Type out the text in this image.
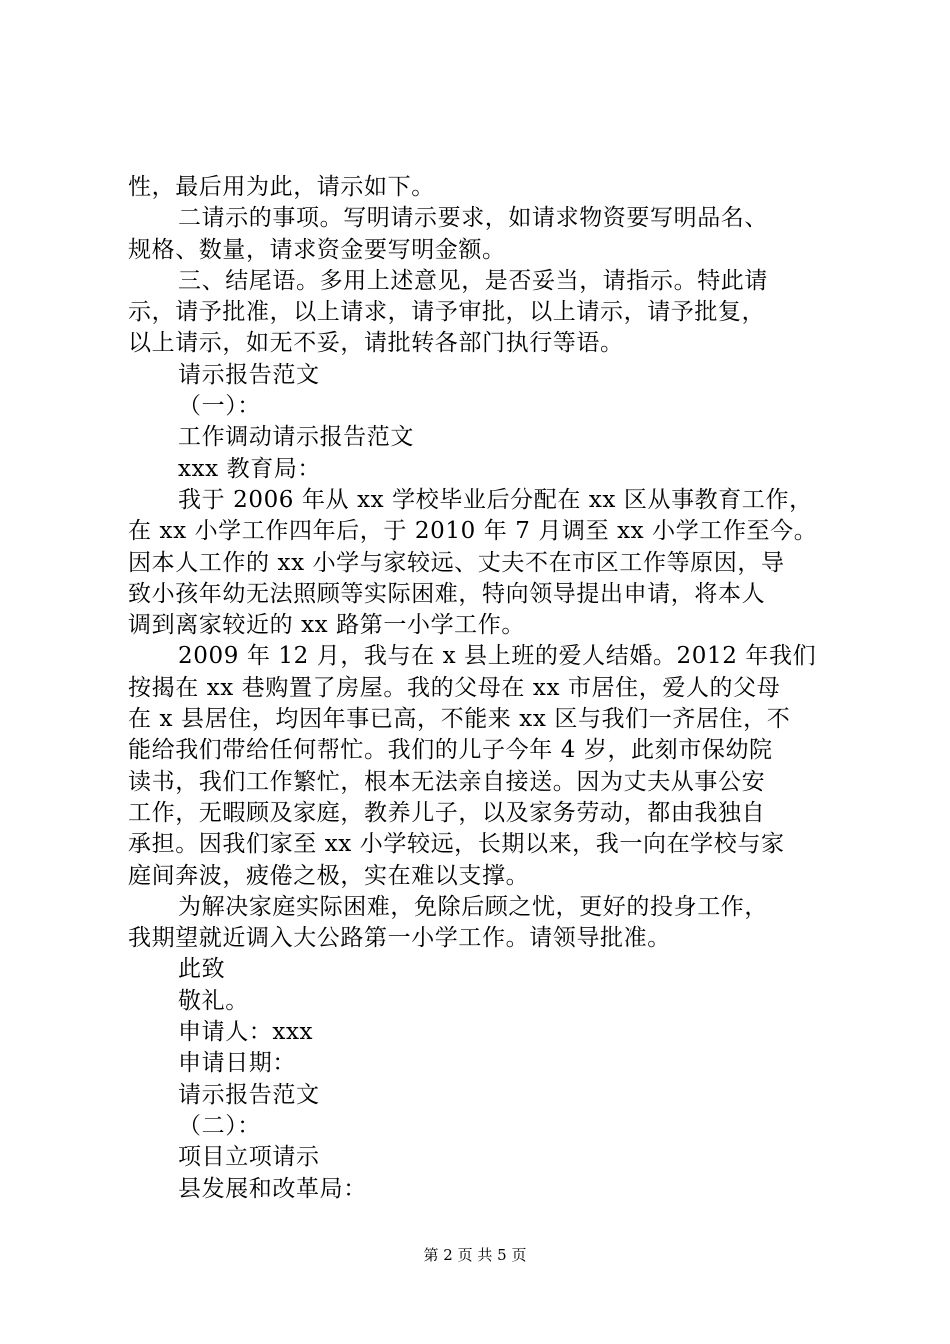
性，最后用为此，请示如下。
二请示的事项。写明请示要求，如请求物资要写明品名、
规格、数量，请求资金要写明金额。
三、结尾语。多用上述意见，是否妥当，请指示。特此请
示，请予批准，以上请求，请予审批，以上请示，请予批复，
以上请示，如无不妥，请批转各部门执行等语。
请示报告范文
（一）：
工作调动请示报告范文
xxx 教育局：
我于 2006 年从 xx 学校毕业后分配在 xx 区从事教育工作，
在 xx 小学工作四年后，于 2010 年 7 月调至 xx 小学工作至今。
因本人工作的 xx 小学与家较远、丈夫不在市区工作等原因，导
致小孩年幼无法照顾等实际困难，特向领导提出申请，将本人
调到离家较近的 xx 路第一小学工作。
2009 年 12 月，我与在 x 县上班的爱人结婚。2012 年我们
按揭在 xx 巷购置了房屋。我的父母在 xx 市居住，爱人的父母
在 x 县居住，均因年事已高，不能来 xx 区与我们一齐居住，不
能给我们带给任何帮忙。我们的儿子今年 4 岁，此刻市保幼院
读书，我们工作繁忙，根本无法亲自接送。因为丈夫从事公安
工作，无暇顾及家庭，教养儿子，以及家务劳动，都由我独自
承担。因我们家至 xx 小学较远，长期以来，我一向在学校与家
庭间奔波，疲倦之极，实在难以支撑。
为解决家庭实际困难，免除后顾之忧，更好的投身工作，
我期望就近调入大公路第一小学工作。请领导批准。
此致
敬礼。
申请人：xxx
申请日期：
请示报告范文
（二）：
项目立项请示
县发展和改革局：
第 2 页 共 5 页
